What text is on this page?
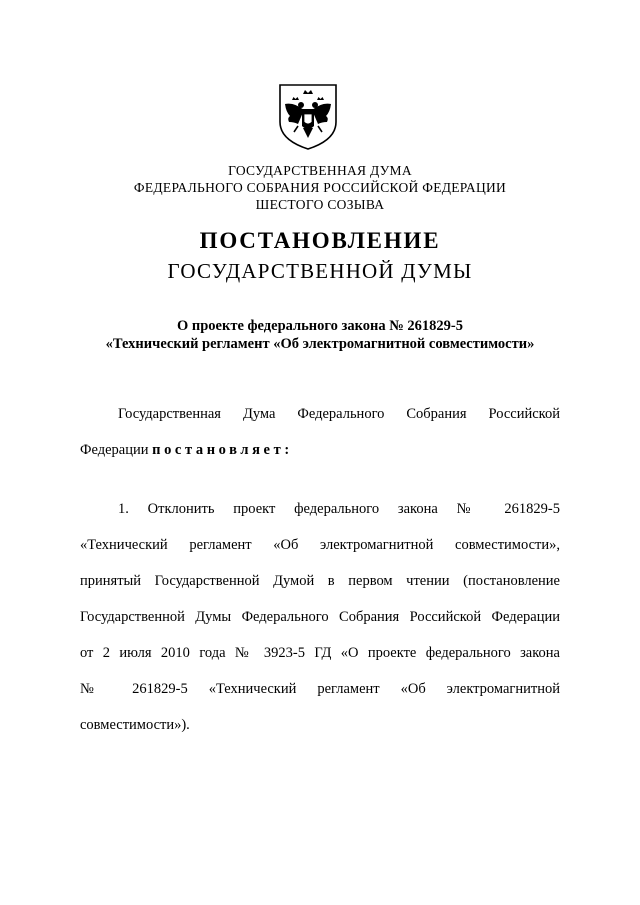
ГОСУДАРСТВЕННАЯ ДУМА
ФЕДЕРАЛЬНОГО СОБРАНИЯ РОССИЙСКОЙ ФЕДЕРАЦИИ
ШЕСТОГО СОЗЫВА
ПОСТАНОВЛЕНИЕ
ГОСУДАРСТВЕННОЙ ДУМЫ
О проекте федерального закона № 261829-5
«Технический регламент «Об электромагнитной совместимости»
Государственная Дума Федерального Собрания Российской
Федерации постановляет:
1. Отклонить проект федерального закона № 261829-5
«Технический регламент «Об электромагнитной совместимости»,
принятый Государственной Думой в первом чтении (постановление
Государственной Думы Федерального Собрания Российской Федерации
от 2 июля 2010 года № 3923-5 ГД «О проекте федерального закона
№ 261829-5 «Технический регламент «Об электромагнитной
совместимости»).
